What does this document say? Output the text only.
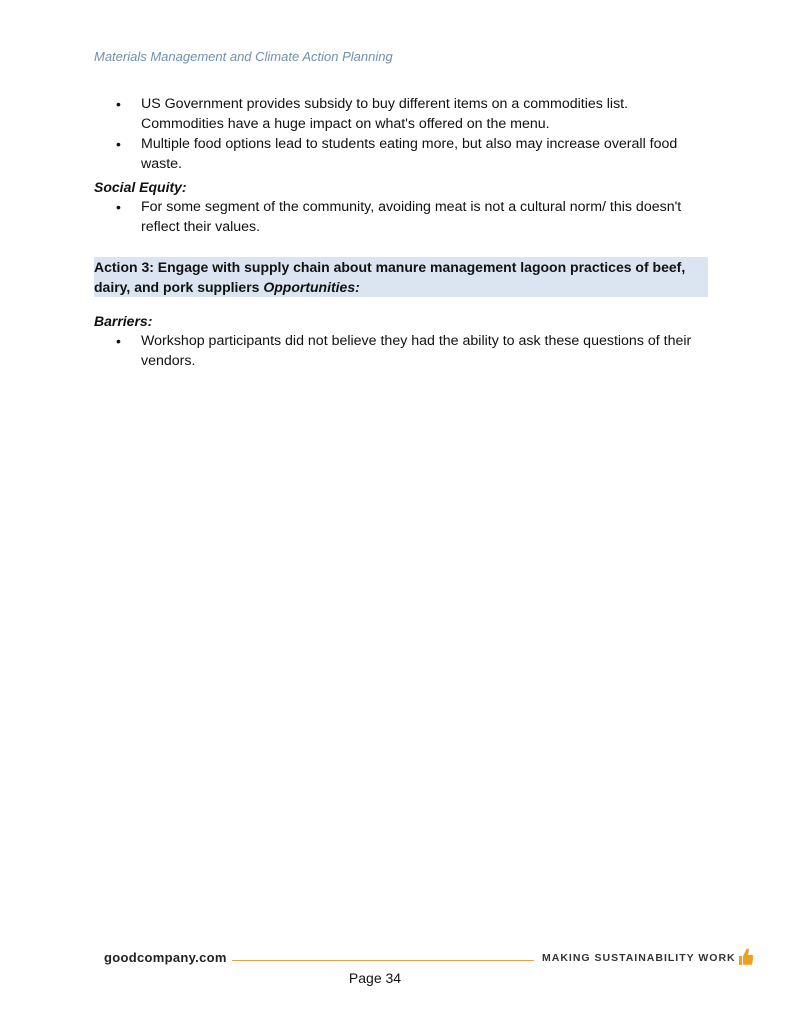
Materials Management and Climate Action Planning
• US Government provides subsidy to buy different items on a commodities list. Commodities have a huge impact on what's offered on the menu.
• Multiple food options lead to students eating more, but also may increase overall food waste.
Social Equity:
• For some segment of the community, avoiding meat is not a cultural norm/ this doesn't reflect their values.
Action 3: Engage with supply chain about manure management lagoon practices of beef, dairy, and pork suppliers Opportunities:
Barriers:
• Workshop participants did not believe they had the ability to ask these questions of their vendors.
goodcompany.com	MAKING SUSTAINABILITY WORK
Page 34
